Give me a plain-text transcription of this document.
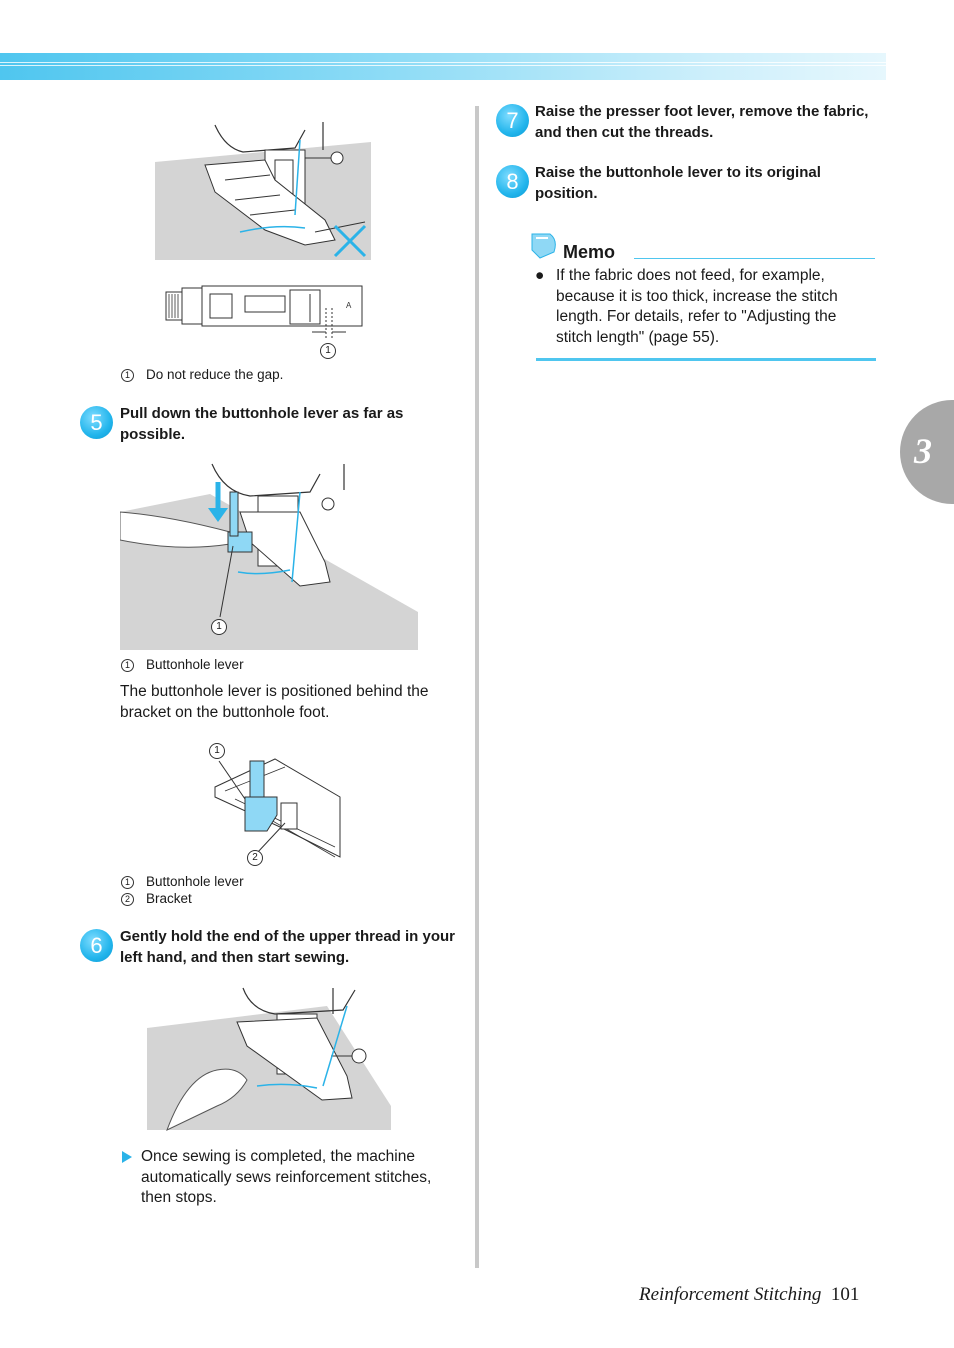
3
A
1
1 Do not reduce the gap.
5	Pull down the buttonhole lever as far as possible.
1
1 Buttonhole lever
The buttonhole lever is positioned behind the bracket on the buttonhole foot.
1
2
1 Buttonhole lever
2 Bracket
6	Gently hold the end of the upper thread in your left hand, and then start sewing.
Once sewing is completed, the machine automatically sews reinforcement stitches, then stops.
7	Raise the presser foot lever, remove the fabric, and then cut the threads.
8	Raise the buttonhole lever to its original position.
Memo
● If the fabric does not feed, for example, because it is too thick, increase the stitch length. For details, refer to "Adjusting the stitch length" (page 55).
Reinforcement Stitching 101
